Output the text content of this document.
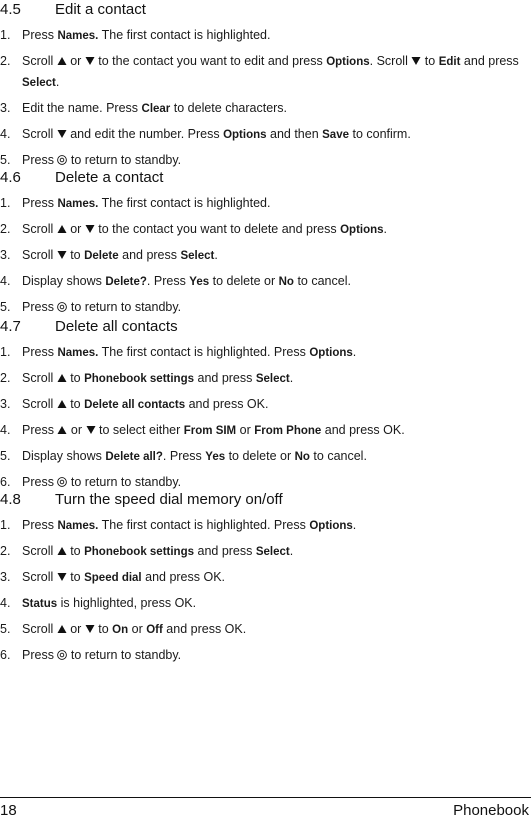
4.5 Edit a contact
1. Press Names. The first contact is highlighted.
2. Scroll
or
to the contact you want to edit and press Options. Scroll
to Edit and press Select.
3. Edit the name. Press Clear to delete characters.
4. Scroll
and edit the number. Press Options and then Save to confirm.
5. Press
to return to standby.
4.6 Delete a contact
1. Press Names. The first contact is highlighted.
2. Scroll
or
to the contact you want to delete and press Options.
3. Scroll
to Delete and press Select.
4. Display shows Delete?. Press Yes to delete or No to cancel.
5. Press
to return to standby.
4.7 Delete all contacts
1. Press Names. The first contact is highlighted. Press Options.
2. Scroll
to Phonebook settings and press Select.
3. Scroll
to Delete all contacts and press OK.
4. Press
or
to select either From SIM or From Phone and press OK.
5. Display shows Delete all?. Press Yes to delete or No to cancel.
6. Press
to return to standby.
4.8 Turn the speed dial memory on/off
1. Press Names. The first contact is highlighted. Press Options.
2. Scroll
to Phonebook settings and press Select.
3. Scroll
to Speed dial and press OK.
4. Status is highlighted, press OK.
5. Scroll
or
to On or Off and press OK.
6. Press
to return to standby.
18	Phonebook
